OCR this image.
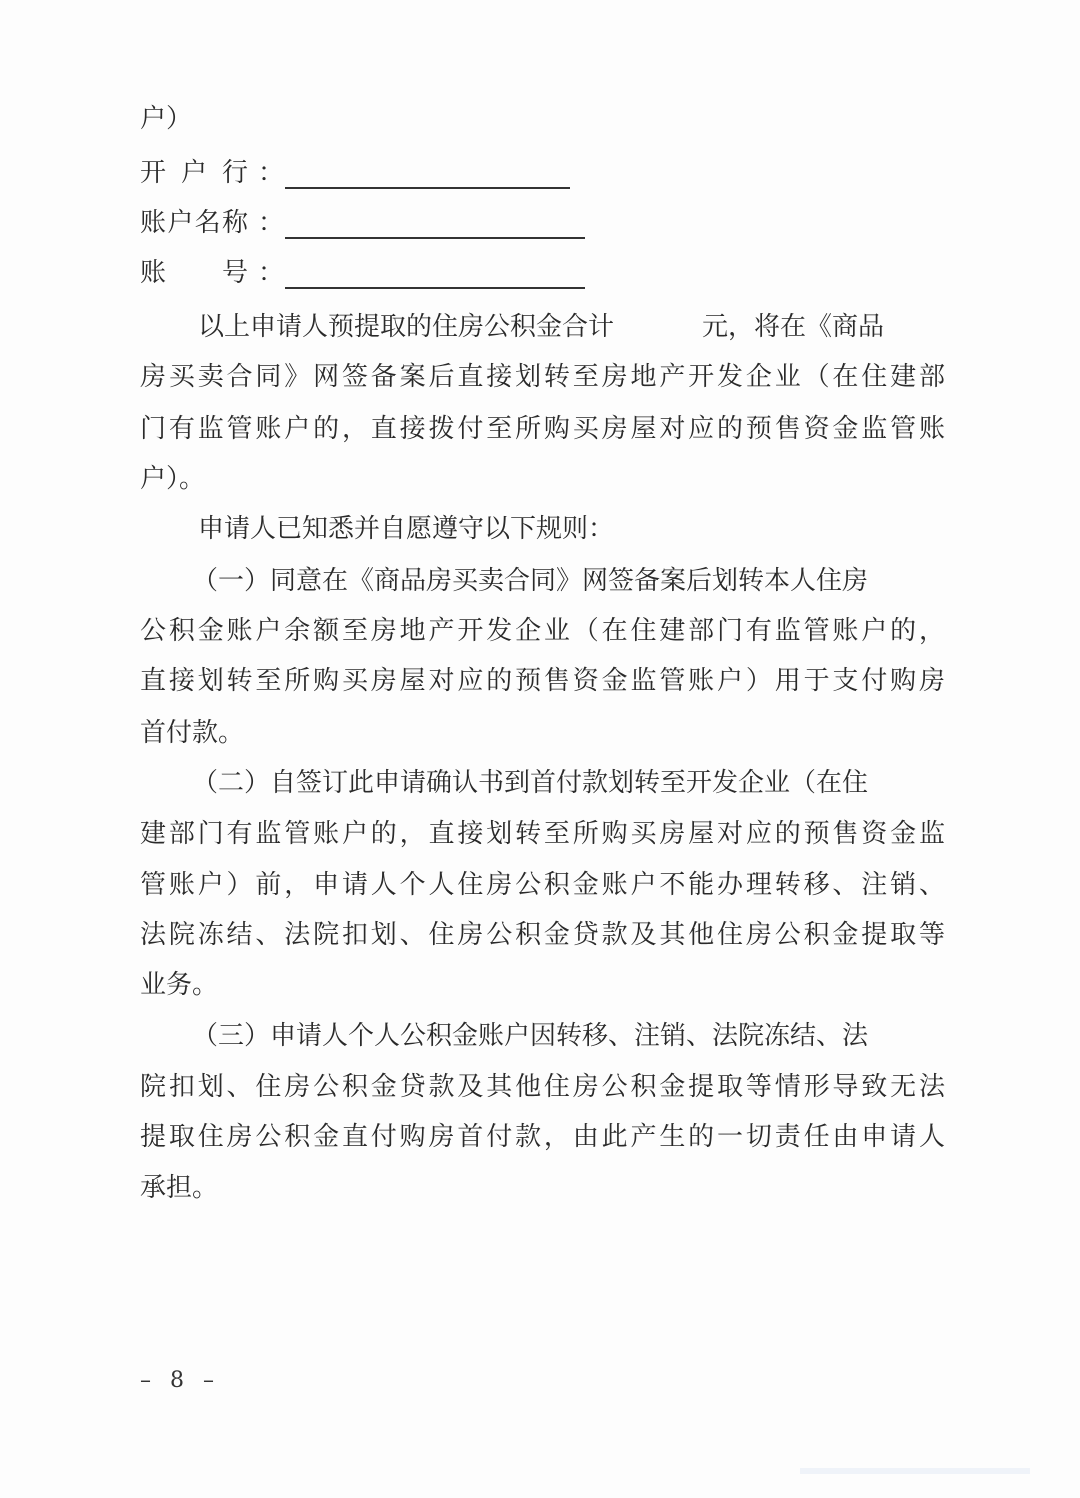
户）
开户行 ：
账户名称 ：
账号 ：
以上申请人预提取的住房公积金合计	元，将在《商品
房买卖合同》网签备案后直接划转至房地产开发企业（在住建部
门有监管账户的，直接拨付至所购买房屋对应的预售资金监管账
户）。
申请人已知悉并自愿遵守以下规则：
（一）同意在《商品房买卖合同》网签备案后划转本人住房
公积金账户余额至房地产开发企业（在住建部门有监管账户的，
直接划转至所购买房屋对应的预售资金监管账户）用于支付购房
首付款。
（二）自签订此申请确认书到首付款划转至开发企业（在住
建部门有监管账户的，直接划转至所购买房屋对应的预售资金监
管账户）前，申请人个人住房公积金账户不能办理转移、注销、
法院冻结、法院扣划、住房公积金贷款及其他住房公积金提取等
业务。
（三）申请人个人公积金账户因转移、注销、法院冻结、法
院扣划、住房公积金贷款及其他住房公积金提取等情形导致无法
提取住房公积金直付购房首付款，由此产生的一切责任由申请人
承担。
– 8 –
